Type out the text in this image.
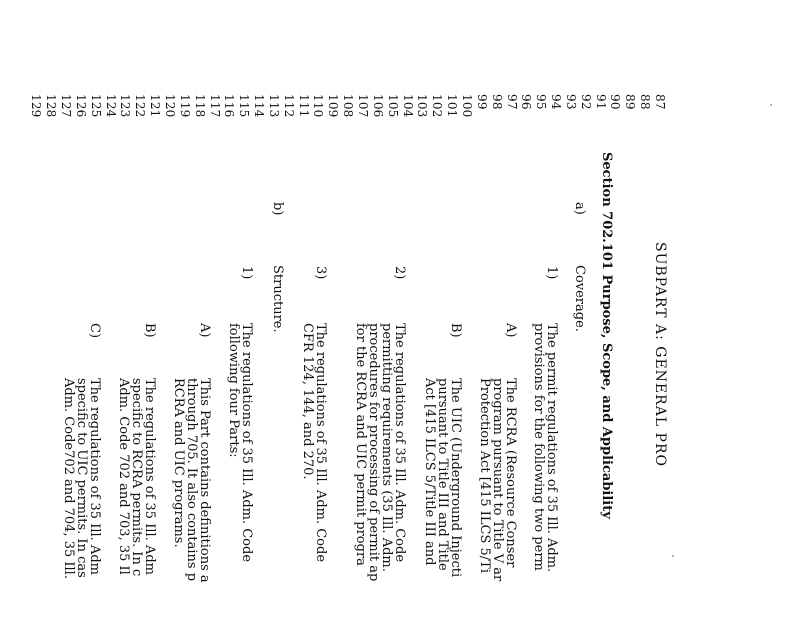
87
88
89
90
91
92
93
94
95
96
97
98
99
100
101
102
103
104
105
106
107
108
109
110
111
112
113
114
115
116
117
118
119
120
121
122
123
124
125
126
127
128
129
SUBPART A: GENERAL PRO
Section 702.101 Purpose, Scope, and Applicability
a)
Coverage.
1)
The permit regulations of 35 Ill. Adm.
provisions for the following two perm
A)
The RCRA (Resource Conser
program pursuant to Title V ar
Protection Act [415 ILCS 5/Ti
B)
The UIC (Underground Injecti
pursuant to Title III and Title
Act [415 ILCS 5/Title III and
2)
The regulations of 35 Ill. Adm. Code
permitting requirements (35 Ill. Adm.
procedures for processing of permit ap
for the RCRA and UIC permit progra
3)
The regulations of 35 Ill. Adm. Code
CFR 124, 144, and 270.
b)
Structure.
1)
The regulations of 35 Ill. Adm. Code
following four Parts:
A)
This Part contains definitions a
through 705. It also contains p
RCRA and UIC programs.
B)
The regulations of 35 Ill. Adm
specific to RCRA permits. In c
Adm. Code 702 and 703, 35 Il
C)
The regulations of 35 Ill. Adm
specific to UIC permits. In cas
Adm. Code702 and 704, 35 Ill.
